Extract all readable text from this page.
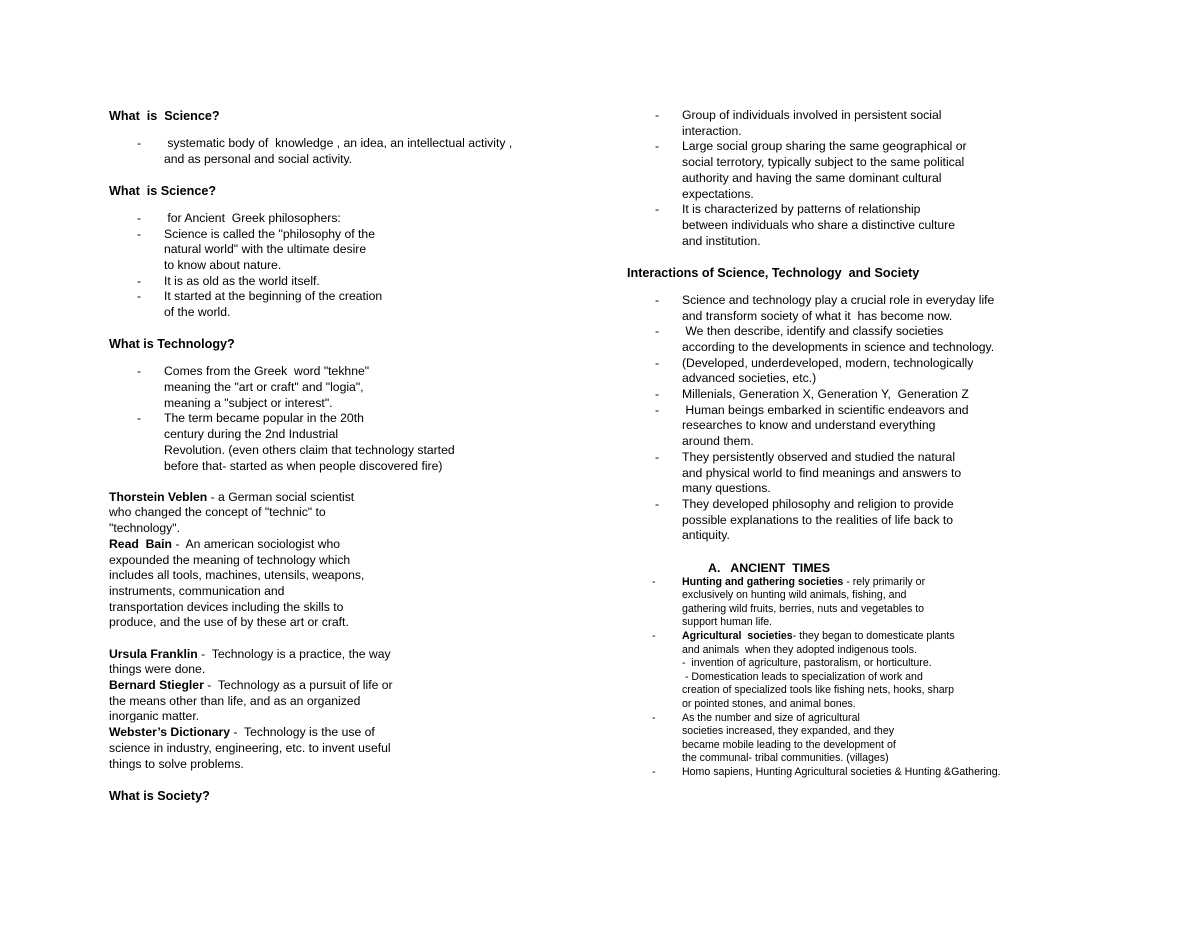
What  is  Science?
- systematic body of  knowledge , an idea, an intellectual activity ,
and as personal and social activity.
What  is Science?
- for Ancient  Greek philosophers:
- Science is called the "philosophy of the
natural world" with the ultimate desire
to know about nature.
- It is as old as the world itself.
- It started at the beginning of the creation
of the world.
What is Technology?
- Comes from the Greek  word "tekhne"
meaning the "art or craft" and "logia",
meaning a "subject or interest".
- The term became popular in the 20th
century during the 2nd Industrial
Revolution. (even others claim that technology started
before that- started as when people discovered fire)
Thorstein Veblen - a German social scientist
who changed the concept of "technic" to
"technology".
Read  Bain -  An american sociologist who
expounded the meaning of technology which
includes all tools, machines, utensils, weapons,
instruments, communication and
transportation devices including the skills to
produce, and the use of by these art or craft.
Ursula Franklin -  Technology is a practice, the way
things were done.
Bernard Stiegler -  Technology as a pursuit of life or
the means other than life, and as an organized
inorganic matter.
Webster’s Dictionary -  Technology is the use of
science in industry, engineering, etc. to invent useful
things to solve problems.
What is Society?
- Group of individuals involved in persistent social
interaction.
- Large social group sharing the same geographical or
social terrotory, typically subject to the same political
authority and having the same dominant cultural
expectations.
- It is characterized by patterns of relationship
between individuals who share a distinctive culture
and institution.
Interactions of Science, Technology  and Society
- Science and technology play a crucial role in everyday life
and transform society of what it  has become now.
- We then describe, identify and classify societies
according to the developments in science and technology.
- (Developed, underdeveloped, modern, technologically
advanced societies, etc.)
- Millenials, Generation X, Generation Y,  Generation Z
- Human beings embarked in scientific endeavors and
researches to know and understand everything
around them.
- They persistently observed and studied the natural
and physical world to find meanings and answers to
many questions.
- They developed philosophy and religion to provide
possible explanations to the realities of life back to
antiquity.
A.   ANCIENT  TIMES
- Hunting and gathering societies - rely primarily or
exclusively on hunting wild animals, fishing, and
gathering wild fruits, berries, nuts and vegetables to
support human life.
- Agricultural  societies- they began to domesticate plants
and animals  when they adopted indigenous tools.
-  invention of agriculture, pastoralism, or horticulture.
- Domestication leads to specialization of work and
creation of specialized tools like fishing nets, hooks, sharp
or pointed stones, and animal bones.
- As the number and size of agricultural
societies increased, they expanded, and they
became mobile leading to the development of
the communal- tribal communities. (villages)
- Homo sapiens, Hunting Agricultural societies & Hunting &Gathering.
